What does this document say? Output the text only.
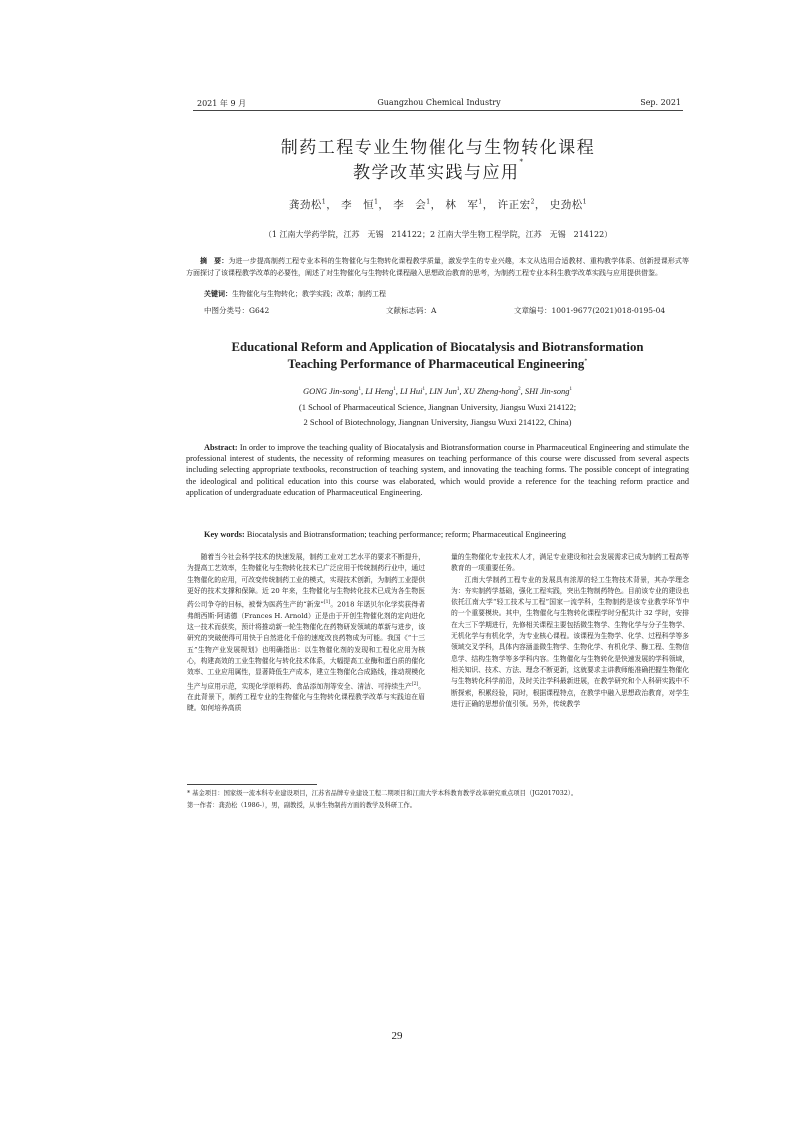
2021 年 9 月	Guangzhou Chemical Industry	Sep. 2021
制药工程专业生物催化与生物转化课程
教学改革实践与应用*
龚劲松$^1$， 李　恒$^1$， 李　会$^1$， 林　军$^1$， 许正宏$^2$， 史劲松$^1$
（1 江南大学药学院，江苏　无锡　214122；2 江南大学生物工程学院，江苏　无锡　214122）
摘　要：为进一步提高制药工程专业本科的生物催化与生物转化课程教学质量，激发学生的专业兴趣，本文从选用合适教材、重构教学体系、创新授课形式等方面探讨了该课程教学改革的必要性，阐述了对生物催化与生物转化课程融入思想政治教育的思考，为制药工程专业本科生教学改革实践与应用提供借鉴。
关键词：生物催化与生物转化；教学实践；改革；制药工程
中图分类号：G642	文献标志码：A	文章编号：1001-9677(2021)018-0195-04
Educational Reform and Application of Biocatalysis and Biotransformation
Teaching Performance of Pharmaceutical Engineering*
GONG Jin-song$^1$, LI Heng$^1$, LI Hui$^1$, LIN Jun$^1$, XU Zheng-hong$^2$, SHI Jin-song$^1$
(1 School of Pharmaceutical Science, Jiangnan University, Jiangsu Wuxi 214122;
2 School of Biotechnology, Jiangnan University, Jiangsu Wuxi 214122, China)
Abstract: In order to improve the teaching quality of Biocatalysis and Biotransformation course in Pharmaceutical Engineering and stimulate the professional interest of students, the necessity of reforming measures on teaching performance of this course were discussed from several aspects including selecting appropriate textbooks, reconstruction of teaching system, and innovating the teaching forms. The possible concept of integrating the ideological and political education into this course was elaborated, which would provide a reference for the teaching reform practice and application of undergraduate education of Pharmaceutical Engineering.
Key words: Biocatalysis and Biotransformation; teaching performance; reform; Pharmaceutical Engineering

随着当今社会科学技术的快速发展，制药工业对工艺水平的要求不断提升，为提高工艺效率，生物催化与生物转化技术已广泛应用于传统制药行业中，通过生物催化的应用，可改变传统制药工业的模式，实现技术创新，为制药工业提供更好的技术支撑和保障。近 20 年来，生物催化与生物转化技术已成为各生物医药公司争夺的目标，被誉为医药生产的“新宠”[1]。2018 年诺贝尔化学奖获得者弗朗西斯·阿诺德（Frances H. Arnold）正是由于开创生物催化剂的定向进化这一技术而获奖，预计将推动新一轮生物催化在药物研发领域的革新与进步，该研究的突破使得可用快于自然进化千倍的速度改良药物成为可能。我国《“十三五”生物产业发展规划》也明确指出：以生物催化剂的发现和工程化应用为核心，构建高效的工业生物催化与转化技术体系，大幅提高工业酶和蛋白质的催化效率、工业应用属性，显著降低生产成本，建立生物催化合成路线，推动规模化生产与应用示范，实现化学原料药、食品添加剂等安全、清洁、可持续生产[2]。在此背景下，制药工程专业的生物催化与生物转化课程教学改革与实践迫在眉睫。如何培养高质

量的生物催化专业技术人才，满足专业建设和社会发展需求已成为制药工程高等教育的一项重要任务。

江南大学制药工程专业的发展具有浓厚的轻工生物技术背景，其办学理念为：夯实制药学基础，强化工程实践，突出生物制药特色。目前该专业的建设也依托江南大学“轻工技术与工程”国家一流学科，生物制药是该专业教学环节中的一个重要模块。其中，生物催化与生物转化课程学时分配共计 32 学时，安排在大三下学期进行，先修相关课程主要包括微生物学、生物化学与分子生物学、无机化学与有机化学，为专业核心课程。该课程为生物学、化学、过程科学等多领域交叉学科，具体内容涵盖微生物学、生物化学、有机化学、酶工程、生物信息学、结构生物学等多学科内容。生物催化与生物转化是快速发展的学科领域，相关知识、技术、方法、理念不断更新，这就要求主讲教师能准确把握生物催化与生物转化科学前沿，及时关注学科最新进展，在教学研究和个人科研实践中不断探索，积累经验，同时，根据课程特点，在教学中融入思想政治教育，对学生进行正确的思想价值引领。另外，传统教学

* 基金项目：国家级一流本科专业建设项目，江苏省品牌专业建设工程二期项目和江南大学本科教育教学改革研究重点项目（JG2017032）。
第一作者：龚劲松（1986-），男，副教授，从事生物制药方面的教学及科研工作。
29
